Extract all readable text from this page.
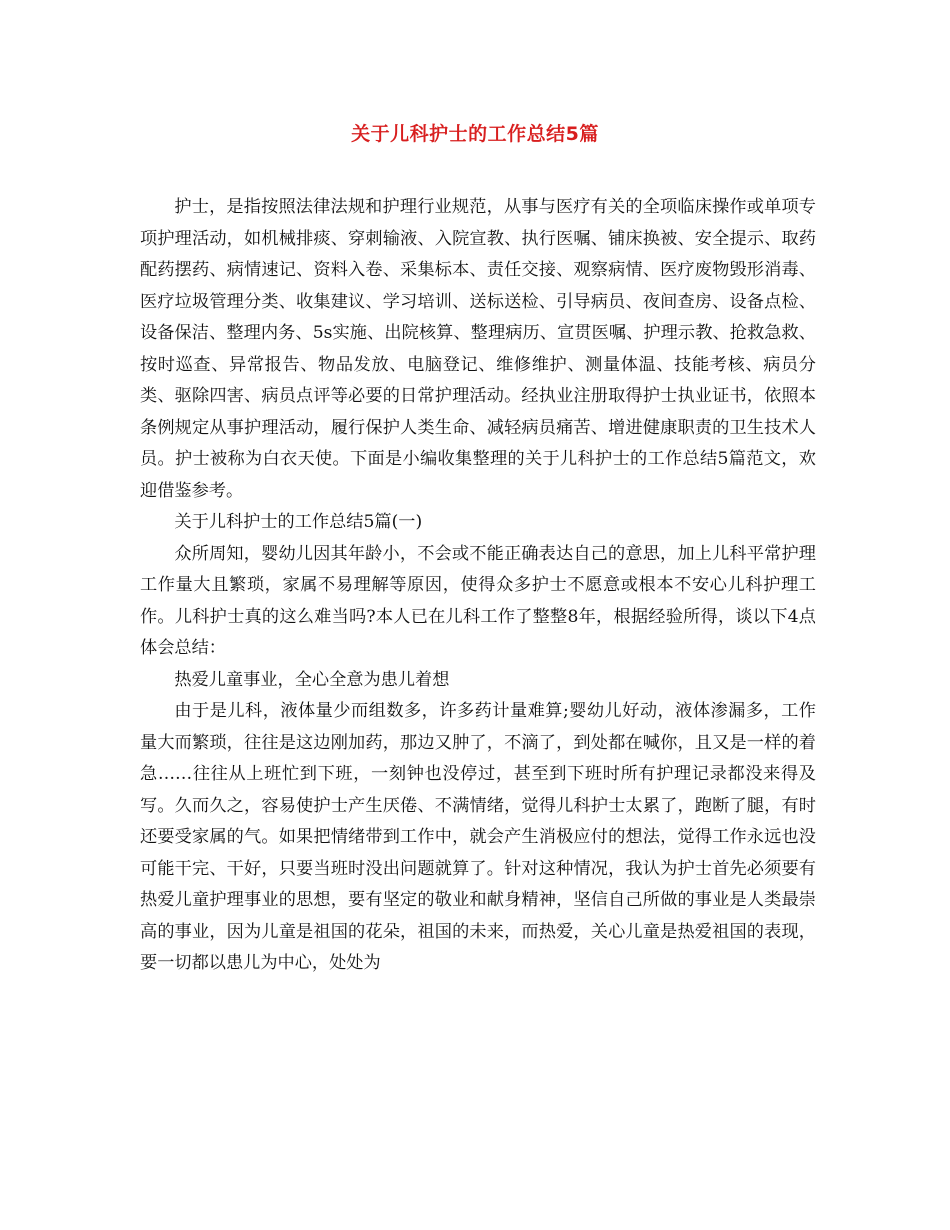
关于儿科护士的工作总结5篇

护士，是指按照法律法规和护理行业规范，从事与医疗有关的全项临床操作或单项专项护理活动，如机械排痰、穿刺输液、入院宣教、执行医嘱、铺床换被、安全提示、取药配药摆药、病情速记、资料入卷、采集标本、责任交接、观察病情、医疗废物毁形消毒、医疗垃圾管理分类、收集建议、学习培训、送标送检、引导病员、夜间查房、设备点检、设备保洁、整理内务、5s实施、出院核算、整理病历、宣贯医嘱、护理示教、抢救急救、按时巡查、异常报告、物品发放、电脑登记、维修维护、测量体温、技能考核、病员分类、驱除四害、病员点评等必要的日常护理活动。经执业注册取得护士执业证书，依照本条例规定从事护理活动，履行保护人类生命、减轻病员痛苦、增进健康职责的卫生技术人员。护士被称为白衣天使。下面是小编收集整理的关于儿科护士的工作总结5篇范文，欢迎借鉴参考。

关于儿科护士的工作总结5篇(一)

众所周知，婴幼儿因其年龄小，不会或不能正确表达自己的意思，加上儿科平常护理工作量大且繁琐，家属不易理解等原因，使得众多护士不愿意或根本不安心儿科护理工作。儿科护士真的这么难当吗?本人已在儿科工作了整整8年，根据经验所得，谈以下4点体会总结：

热爱儿童事业，全心全意为患儿着想

由于是儿科，液体量少而组数多，许多药计量难算;婴幼儿好动，液体渗漏多，工作量大而繁琐，往往是这边刚加药，那边又肿了，不滴了，到处都在喊你，且又是一样的着急……往往从上班忙到下班，一刻钟也没停过，甚至到下班时所有护理记录都没来得及写。久而久之，容易使护士产生厌倦、不满情绪，觉得儿科护士太累了，跑断了腿，有时还要受家属的气。如果把情绪带到工作中，就会产生消极应付的想法，觉得工作永远也没可能干完、干好，只要当班时没出问题就算了。针对这种情况，我认为护士首先必须要有热爱儿童护理事业的思想，要有坚定的敬业和献身精神，坚信自己所做的事业是人类最崇高的事业，因为儿童是祖国的花朵，祖国的未来，而热爱，关心儿童是热爱祖国的表现，要一切都以患儿为中心，处处为
